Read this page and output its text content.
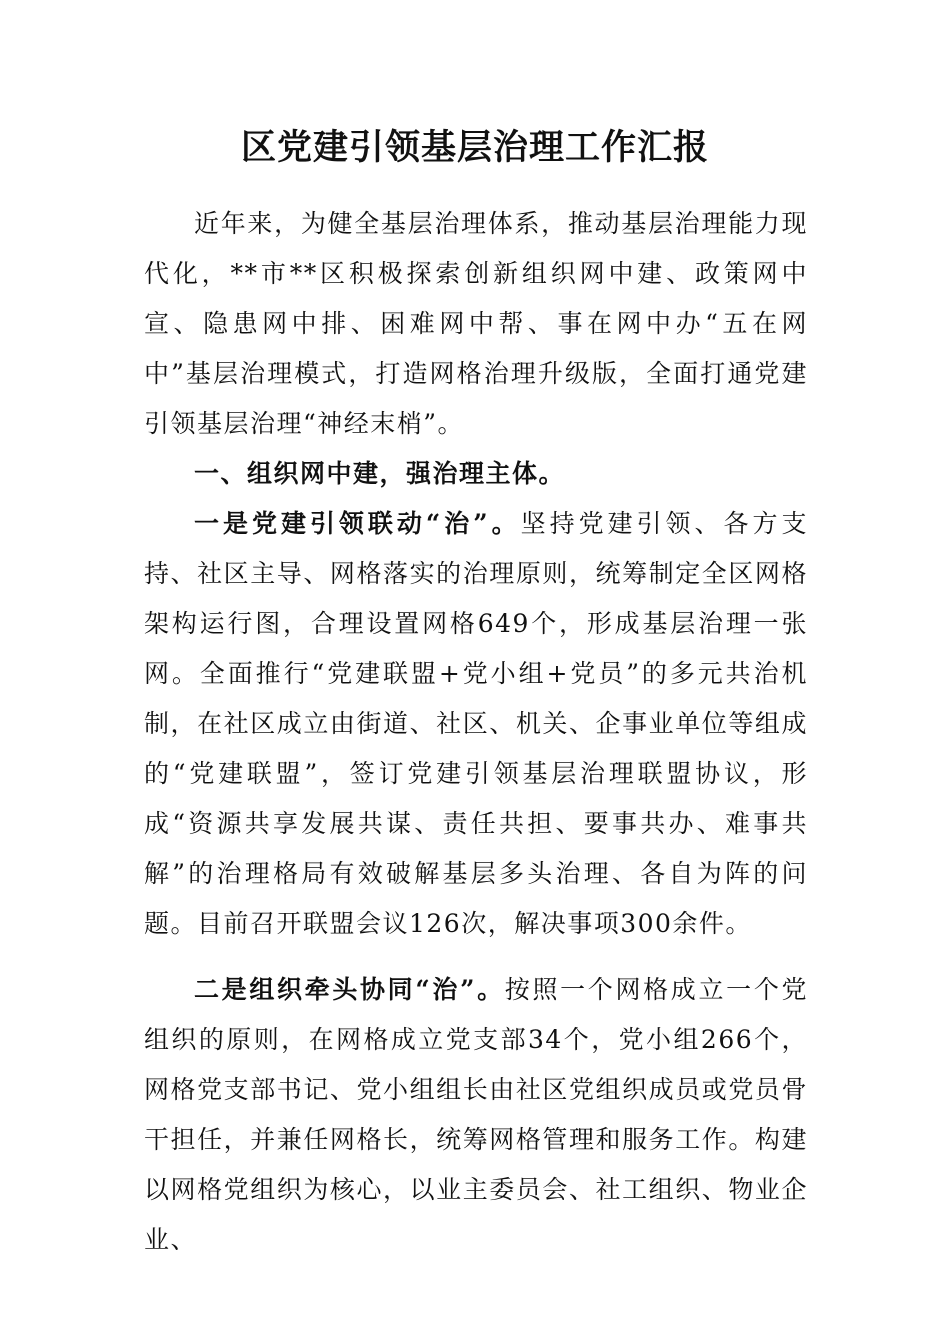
区党建引领基层治理工作汇报

近年来，为健全基层治理体系，推动基层治理能力现代化，**市**区积极探索创新组织网中建、政策网中宣、隐患网中排、困难网中帮、事在网中办“五在网中”基层治理模式，打造网格治理升级版，全面打通党建引领基层治理“神经末梢”。

一、组织网中建，强治理主体。

一是党建引领联动“治”。坚持党建引领、各方支持、社区主导、网格落实的治理原则，统筹制定全区网格架构运行图，合理设置网格649个，形成基层治理一张网。全面推行“党建联盟+党小组+党员”的多元共治机制，在社区成立由街道、社区、机关、企事业单位等组成的“党建联盟”，签订党建引领基层治理联盟协议，形成“资源共享发展共谋、责任共担、要事共办、难事共解”的治理格局有效破解基层多头治理、各自为阵的问题。目前召开联盟会议126次，解决事项300余件。

二是组织牵头协同“治”。按照一个网格成立一个党组织的原则，在网格成立党支部34个，党小组266个，网格党支部书记、党小组组长由社区党组织成员或党员骨干担任，并兼任网格长，统筹网格管理和服务工作。构建以网格党组织为核心，以业主委员会、社工组织、物业企业、
